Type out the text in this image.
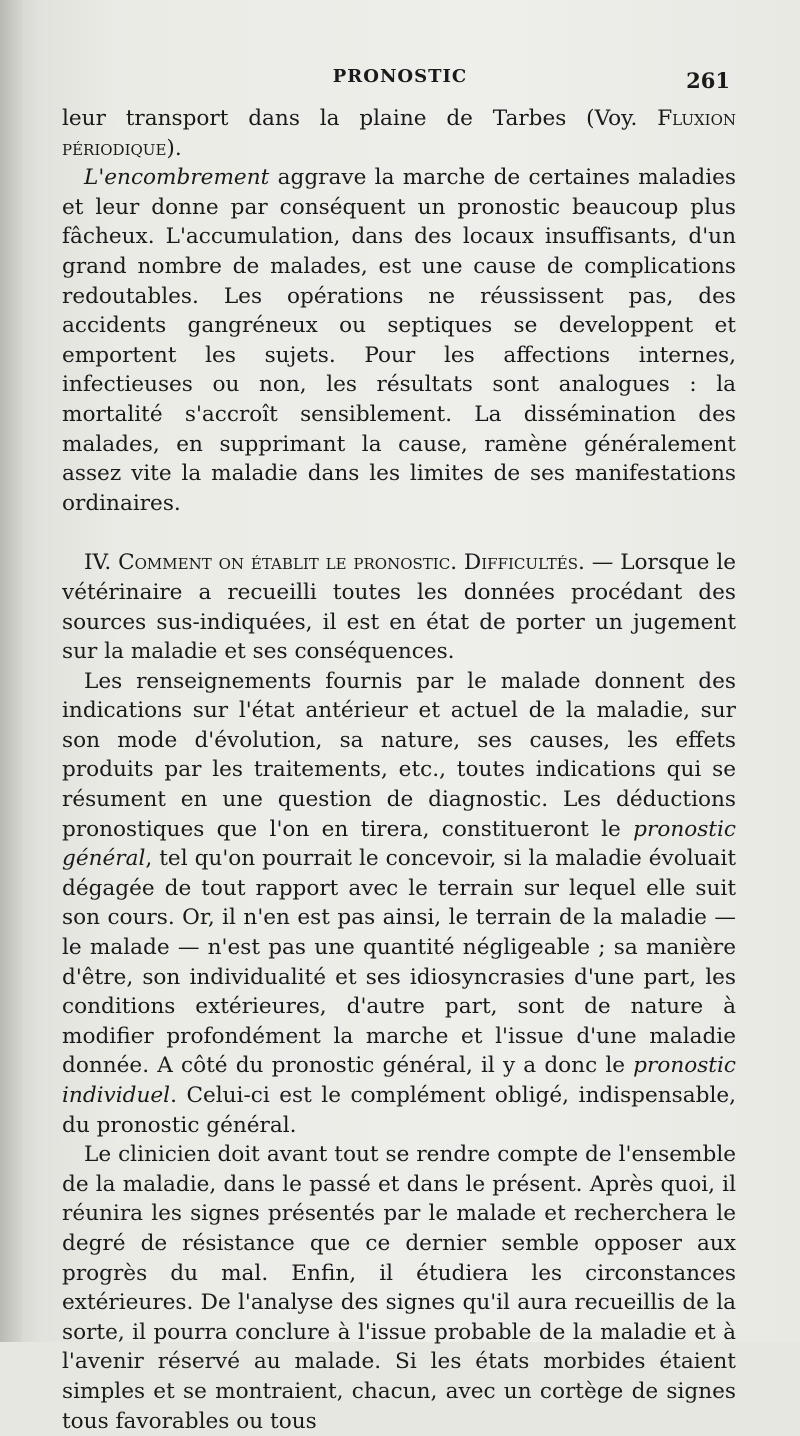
PRONOSTIC	261

leur transport dans la plaine de Tarbes (Voy. Fluxion périodique).

L'encombrement aggrave la marche de certaines maladies et leur donne par conséquent un pronostic beaucoup plus fâcheux. L'accumulation, dans des locaux insuffisants, d'un grand nombre de malades, est une cause de complications redoutables. Les opérations ne réussissent pas, des accidents gangréneux ou septiques se developpent et emportent les sujets. Pour les affections internes, infectieuses ou non, les résultats sont analogues : la mortalité s'accroît sensiblement. La dissémination des malades, en supprimant la cause, ramène généralement assez vite la maladie dans les limites de ses manifestations ordinaires.

IV. Comment on établit le pronostic. Difficultés. — Lorsque le vétérinaire a recueilli toutes les données procédant des sources sus-indiquées, il est en état de porter un jugement sur la maladie et ses conséquences.

Les renseignements fournis par le malade donnent des indications sur l'état antérieur et actuel de la maladie, sur son mode d'évolution, sa nature, ses causes, les effets produits par les traitements, etc., toutes indications qui se résument en une question de diagnostic. Les déductions pronostiques que l'on en tirera, constitueront le pronostic général, tel qu'on pourrait le concevoir, si la maladie évoluait dégagée de tout rapport avec le terrain sur lequel elle suit son cours. Or, il n'en est pas ainsi, le terrain de la maladie — le malade — n'est pas une quantité négligeable ; sa manière d'être, son individualité et ses idiosyncrasies d'une part, les conditions extérieures, d'autre part, sont de nature à modifier profondément la marche et l'issue d'une maladie donnée. A côté du pronostic général, il y a donc le pronostic individuel. Celui-ci est le complément obligé, indispensable, du pronostic général.

Le clinicien doit avant tout se rendre compte de l'ensemble de la maladie, dans le passé et dans le présent. Après quoi, il réunira les signes présentés par le malade et recherchera le degré de résistance que ce dernier semble opposer aux progrès du mal. Enfin, il étudiera les circonstances extérieures. De l'analyse des signes qu'il aura recueillis de la sorte, il pourra conclure à l'issue probable de la maladie et à l'avenir réservé au malade. Si les états morbides étaient simples et se montraient, chacun, avec un cortège de signes tous favorables ou tous
